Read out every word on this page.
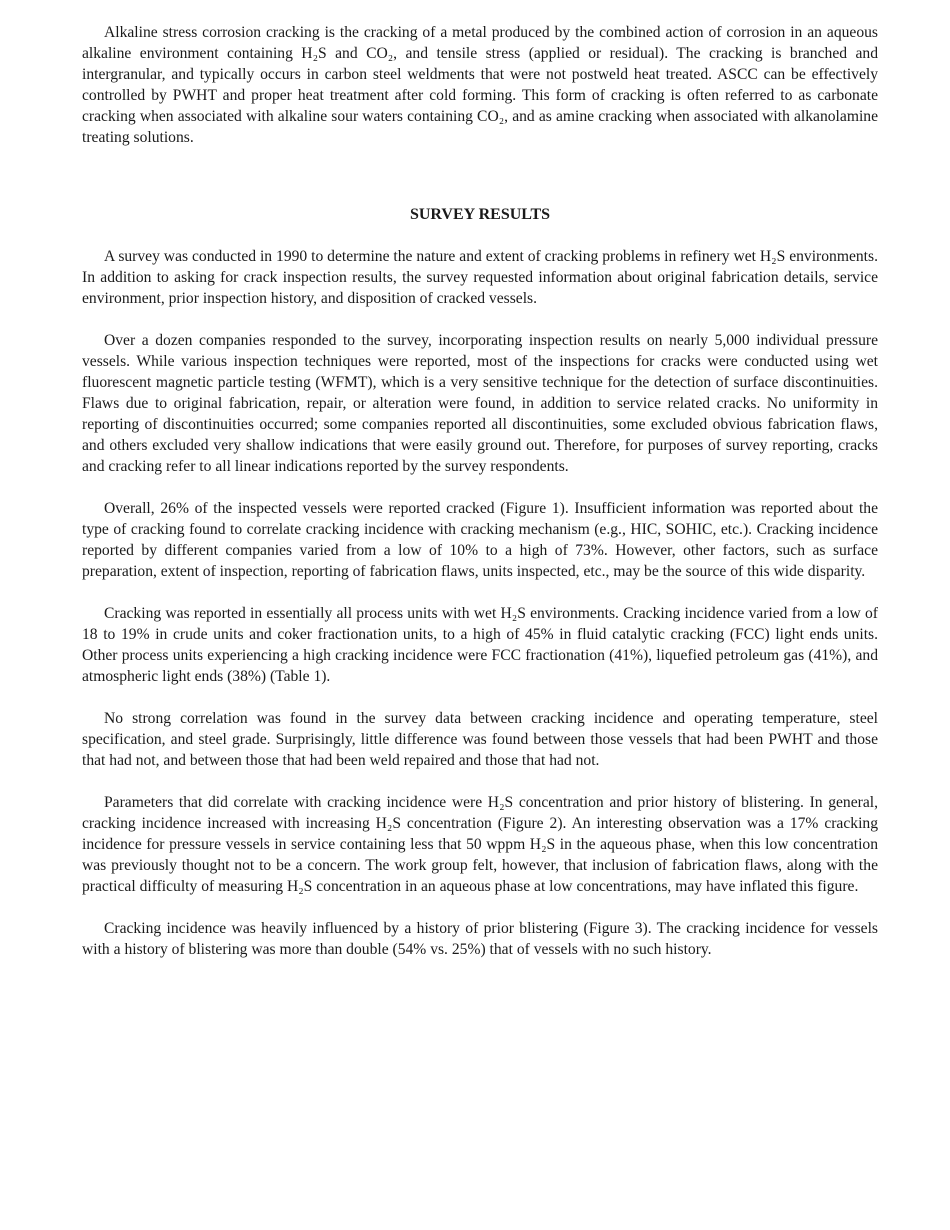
Alkaline stress corrosion cracking is the cracking of a metal produced by the combined action of corrosion in an aqueous alkaline environment containing H₂S and CO₂, and tensile stress (applied or residual). The cracking is branched and intergranular, and typically occurs in carbon steel weldments that were not postweld heat treated. ASCC can be effectively controlled by PWHT and proper heat treatment after cold forming. This form of cracking is often referred to as carbonate cracking when associated with alkaline sour waters containing CO₂, and as amine cracking when associated with alkanolamine treating solutions.

SURVEY RESULTS

A survey was conducted in 1990 to determine the nature and extent of cracking problems in refinery wet H₂S environments. In addition to asking for crack inspection results, the survey requested information about original fabrication details, service environment, prior inspection history, and disposition of cracked vessels.

Over a dozen companies responded to the survey, incorporating inspection results on nearly 5,000 individual pressure vessels. While various inspection techniques were reported, most of the inspections for cracks were conducted using wet fluorescent magnetic particle testing (WFMT), which is a very sensitive technique for the detection of surface discontinuities. Flaws due to original fabrication, repair, or alteration were found, in addition to service related cracks. No uniformity in reporting of discontinuities occurred; some companies reported all discontinuities, some excluded obvious fabrication flaws, and others excluded very shallow indications that were easily ground out. Therefore, for purposes of survey reporting, cracks and cracking refer to all linear indications reported by the survey respondents.

Overall, 26% of the inspected vessels were reported cracked (Figure 1). Insufficient information was reported about the type of cracking found to correlate cracking incidence with cracking mechanism (e.g., HIC, SOHIC, etc.). Cracking incidence reported by different companies varied from a low of 10% to a high of 73%. However, other factors, such as surface preparation, extent of inspection, reporting of fabrication flaws, units inspected, etc., may be the source of this wide disparity.

Cracking was reported in essentially all process units with wet H₂S environments. Cracking incidence varied from a low of 18 to 19% in crude units and coker fractionation units, to a high of 45% in fluid catalytic cracking (FCC) light ends units. Other process units experiencing a high cracking incidence were FCC fractionation (41%), liquefied petroleum gas (41%), and atmospheric light ends (38%) (Table 1).

No strong correlation was found in the survey data between cracking incidence and operating temperature, steel specification, and steel grade. Surprisingly, little difference was found between those vessels that had been PWHT and those that had not, and between those that had been weld repaired and those that had not.

Parameters that did correlate with cracking incidence were H₂S concentration and prior history of blistering. In general, cracking incidence increased with increasing H₂S concentration (Figure 2). An interesting observation was a 17% cracking incidence for pressure vessels in service containing less that 50 wppm H₂S in the aqueous phase, when this low concentration was previously thought not to be a concern. The work group felt, however, that inclusion of fabrication flaws, along with the practical difficulty of measuring H₂S concentration in an aqueous phase at low concentrations, may have inflated this figure.

Cracking incidence was heavily influenced by a history of prior blistering (Figure 3). The cracking incidence for vessels with a history of blistering was more than double (54% vs. 25%) that of vessels with no such history.
